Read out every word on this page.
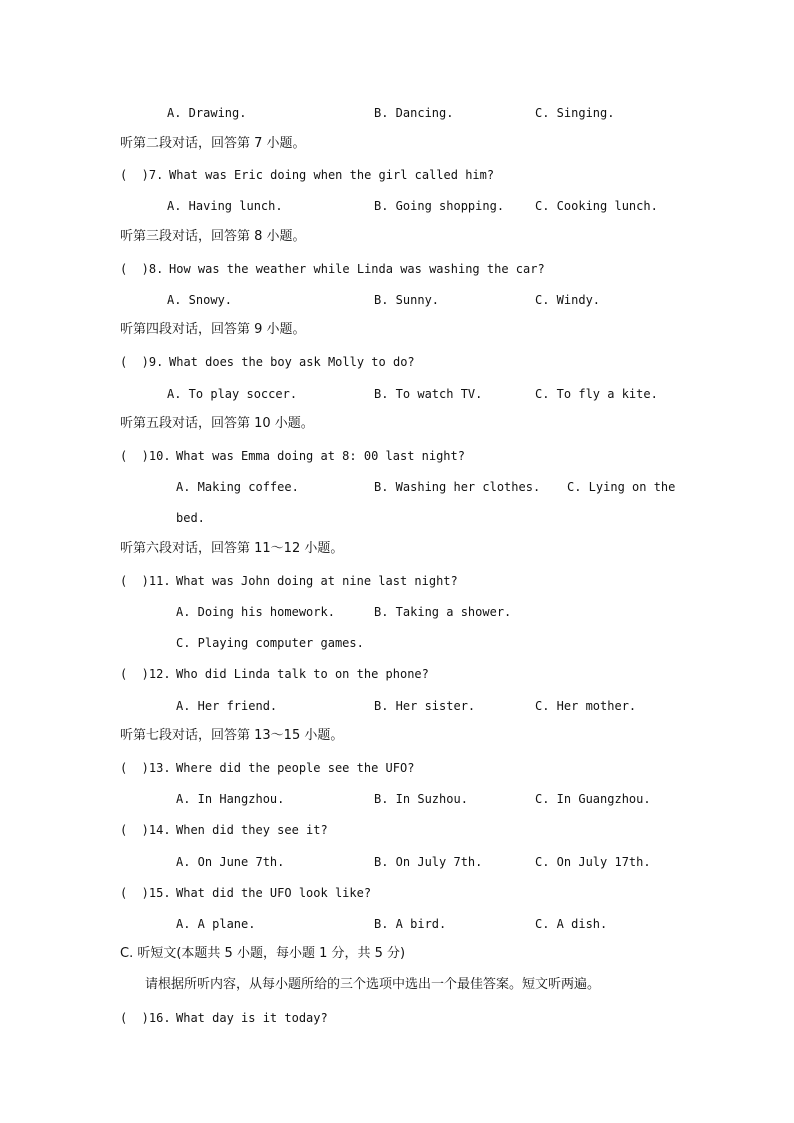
A. Drawing.	B. Dancing.	C. Singing.
听第二段对话，回答第 7 小题。
(  )7. What was Eric doing when the girl called him?
A. Having lunch.	B. Going shopping.	C. Cooking lunch.
听第三段对话，回答第 8 小题。
(  )8. How was the weather while Linda was washing the car?
A. Snowy.	B. Sunny.	C. Windy.
听第四段对话，回答第 9 小题。
(  )9. What does the boy ask Molly to do?
A. To play soccer.	B. To watch TV.	C. To fly a kite.
听第五段对话，回答第 10 小题。
(  )10. What was Emma doing at 8: 00 last night?
A. Making coffee.	B. Washing her clothes. C. Lying on the
bed.
听第六段对话，回答第 11～12 小题。
(  )11. What was John doing at nine last night?
A. Doing his homework.	B. Taking a shower.
C. Playing computer games.
(  )12. Who did Linda talk to on the phone?
A. Her friend.	B. Her sister.	C. Her mother.
听第七段对话，回答第 13～15 小题。
(  )13. Where did the people see the UFO?
A. In Hangzhou.	B. In Suzhou.	C. In Guangzhou.
(  )14. When did they see it?
A. On June 7th.	B. On July 7th.	C. On July 17th.
(  )15. What did the UFO look like?
A. A plane.	B. A bird.	C. A dish.
C. 听短文(本题共 5 小题，每小题 1 分，共 5 分)
请根据所听内容，从每小题所给的三个选项中选出一个最佳答案。短文听两遍。
(  )16. What day is it today?
